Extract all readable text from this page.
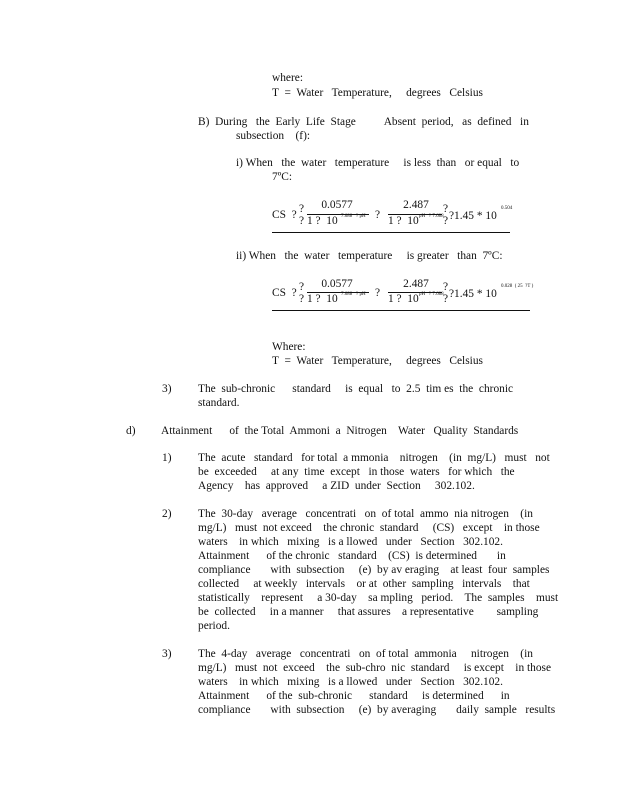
where:
T  =  Water   Temperature,     degrees   Celsius
B)  During   the  Early  Life  Stage          Absent  period,   as  defined   in
subsection    (f):
i) When   the  water   temperature     is less  than   or equal   to
7ºC:
CS  ? ?
?
0.0577
1 ?  10 7.688   ? pH ?
2.487
1 ?  10 pH   ? 7.688
?
? ?1.45 * 10
0.504
ii) When   the  water   temperature     is greater   than  7ºC:
CS  ? ?
?
0.0577
1 ?  10 7.688   ? pH ?
2.487
1 ?  10 pH   ? 7.688
?
? ?1.45 * 10
0.028  ( 25  ?T )
Where:
T  =  Water   Temperature,     degrees   Celsius
3) The  sub-chronic      standard     is  equal   to  2.5  tim es  the  chronic
standard.
d) Attainment      of  the Total  Ammoni  a  Nitrogen    Water   Quality  Standards
1) The  acute   standard   for total  a mmonia    nitrogen    (in  mg/L)   must   not
be  exceeded     at any  time  except   in those  waters   for which   the
Agency    has  approved     a ZID  under  Section     302.102.
2) The  30-day   average   concentrati   on  of total  ammo  nia nitrogen    (in
mg/L)   must  not exceed    the chronic  standard     (CS)   except    in those
waters    in which   mixing   is a llowed   under   Section   302.102.
Attainment      of the chronic   standard    (CS)  is determined       in
compliance       with  subsection     (e)  by av eraging    at least  four  samples
collected     at weekly   intervals    or at  other  sampling   intervals    that
statistically    represent     a 30-day    sa mpling   period.    The  samples    must
be  collected     in a manner     that assures    a representative        sampling
period.
3) The  4-day   average   concentrati   on  of total  ammonia     nitrogen    (in
mg/L)   must  not  exceed    the  sub-chro  nic  standard     is except    in those
waters    in which   mixing   is a llowed   under   Section   302.102.
Attainment      of the  sub-chronic      standard     is determined      in
compliance       with  subsection     (e)  by averaging       daily  sample   results
